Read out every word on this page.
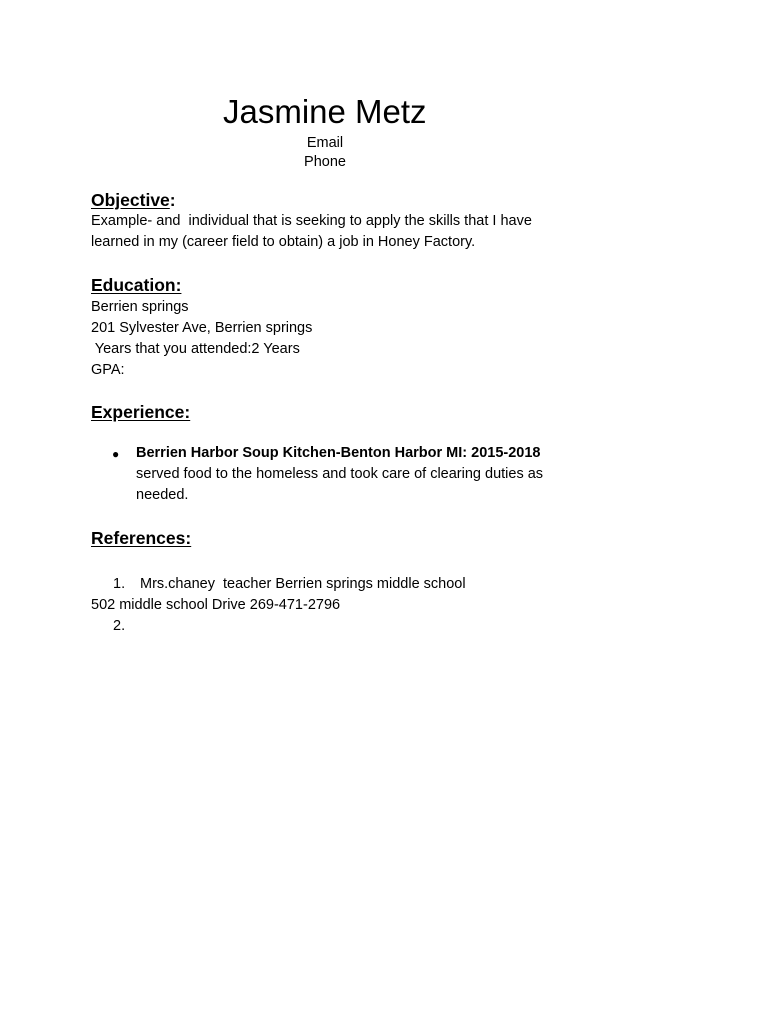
Jasmine Metz
Email
Phone
Objective:
Example- and  individual that is seeking to apply the skills that I have
learned in my (career field to obtain) a job in Honey Factory.
Education:
Berrien springs
201 Sylvester Ave, Berrien springs
Years that you attended:2 Years
GPA:
Experience:
● Berrien Harbor Soup Kitchen-Benton Harbor MI: 2015-2018
served food to the homeless and took care of clearing duties as
needed.
References:
1. Mrs.chaney  teacher Berrien springs middle school
502 middle school Drive 269-471-2796
2.
